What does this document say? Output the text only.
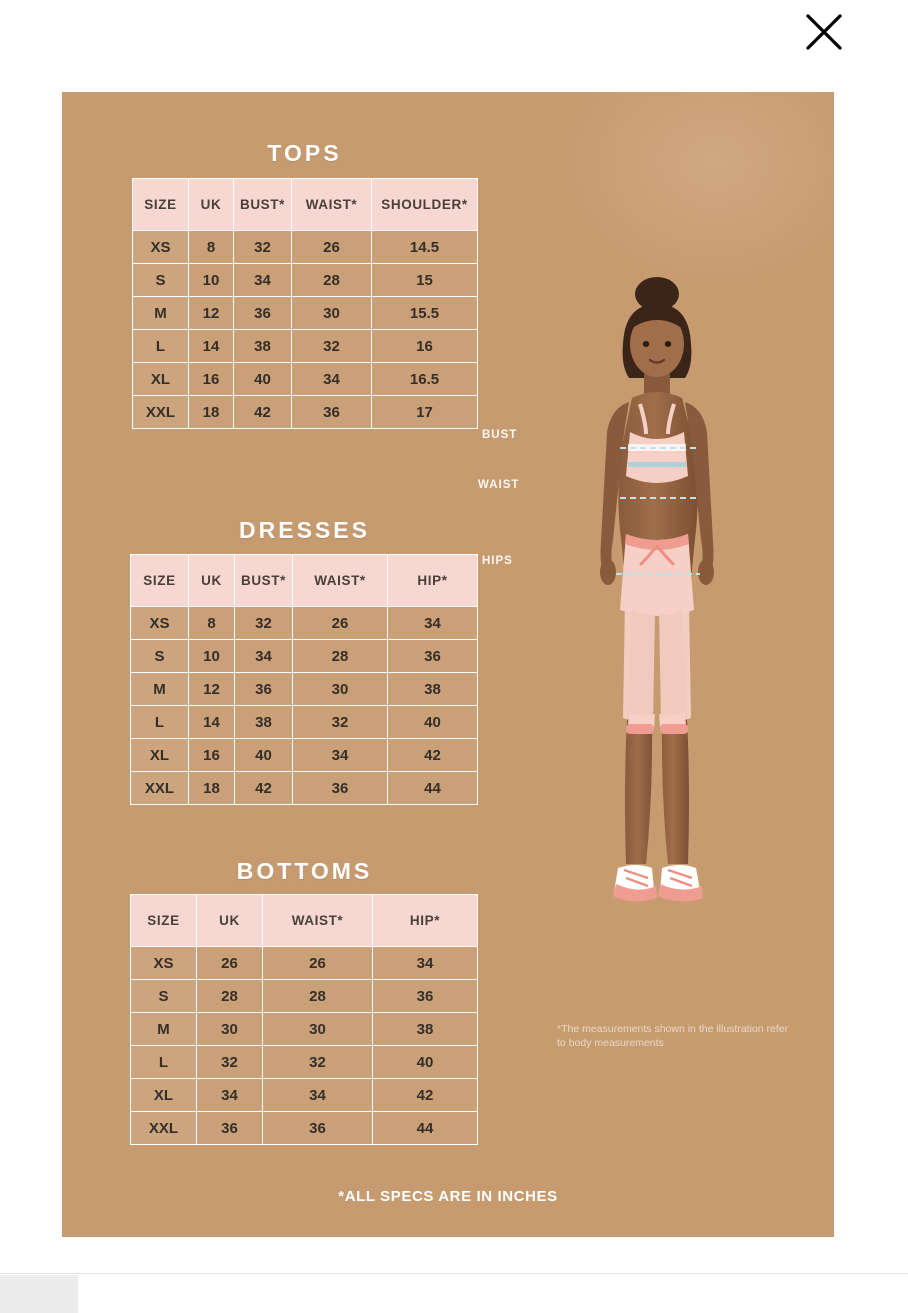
TOPS
SIZE	UK	BUST*	WAIST*	SHOULDER*
XS	8	32	26	14.5
S	10	34	28	15
M	12	36	30	15.5
L	14	38	32	16
XL	16	40	34	16.5
XXL	18	42	36	17
DRESSES
SIZE	UK	BUST*	WAIST*	HIP*
XS	8	32	26	34
S	10	34	28	36
M	12	36	30	38
L	14	38	32	40
XL	16	40	34	42
XXL	18	42	36	44
BOTTOMS
SIZE	UK	WAIST*	HIP*
XS	26	26	34
S	28	28	36
M	30	30	38
L	32	32	40
XL	34	34	42
XXL	36	36	44
*ALL SPECS ARE IN INCHES
BUST
WAIST
HIPS
*The measurements shown in the illustration refer to body measurements
